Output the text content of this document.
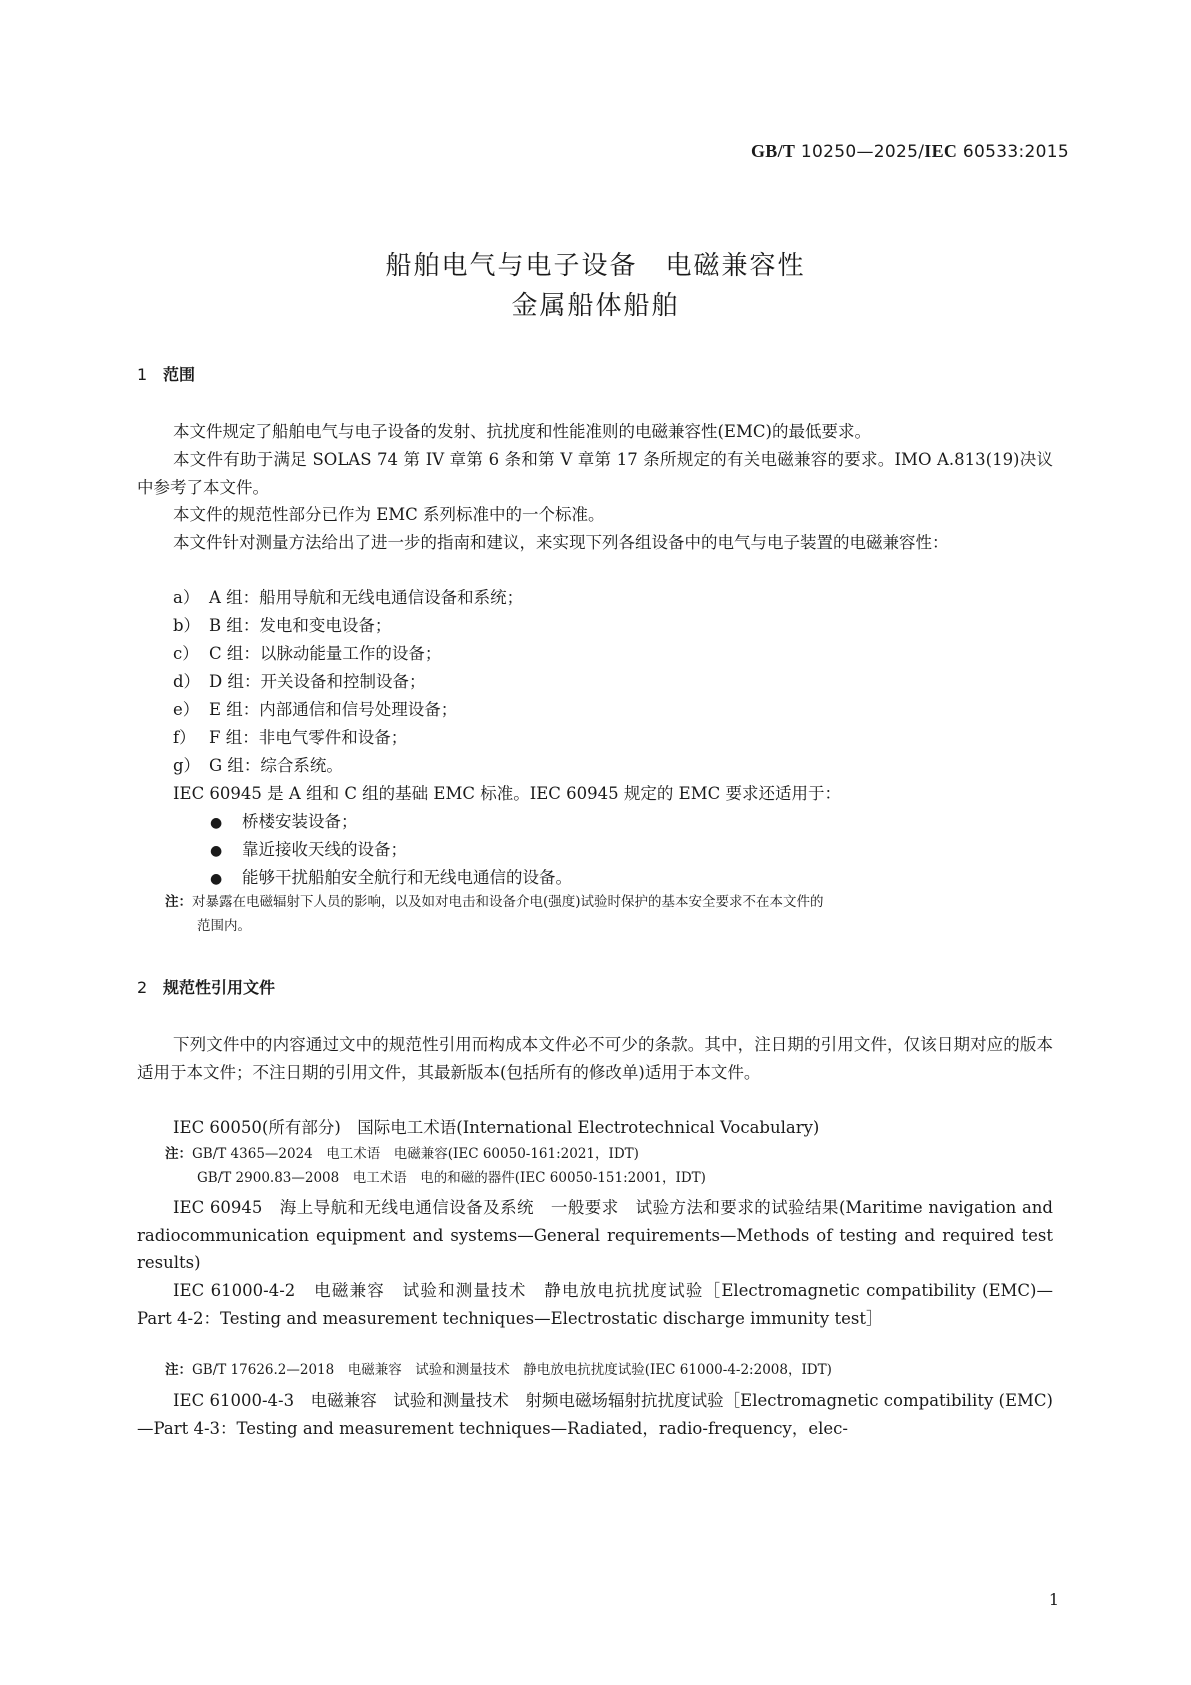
GB/T 10250—2025/IEC 60533:2015
船舶电气与电子设备　电磁兼容性
金属船体船舶
1 范围
本文件规定了船舶电气与电子设备的发射、抗扰度和性能准则的电磁兼容性(EMC)的最低要求。
本文件有助于满足 SOLAS 74 第 IV 章第 6 条和第 V 章第 17 条所规定的有关电磁兼容的要求。IMO A.813(19)决议中参考了本文件。
本文件的规范性部分已作为 EMC 系列标准中的一个标准。
本文件针对测量方法给出了进一步的指南和建议，来实现下列各组设备中的电气与电子装置的电磁兼容性：
a） A 组：船用导航和无线电通信设备和系统；
b） B 组：发电和变电设备；
c） C 组：以脉动能量工作的设备；
d） D 组：开关设备和控制设备；
e） E 组：内部通信和信号处理设备；
f） F 组：非电气零件和设备；
g） G 组：综合系统。
IEC 60945 是 A 组和 C 组的基础 EMC 标准。IEC 60945 规定的 EMC 要求还适用于：
● 桥楼安装设备；
● 靠近接收天线的设备；
● 能够干扰船舶安全航行和无线电通信的设备。
注：对暴露在电磁辐射下人员的影响，以及如对电击和设备介电(强度)试验时保护的基本安全要求不在本文件的
范围内。
2 规范性引用文件
下列文件中的内容通过文中的规范性引用而构成本文件必不可少的条款。其中，注日期的引用文件，仅该日期对应的版本适用于本文件；不注日期的引用文件，其最新版本(包括所有的修改单)适用于本文件。
IEC 60050(所有部分)　国际电工术语(International Electrotechnical Vocabulary)
注：GB/T 4365—2024　电工术语　电磁兼容(IEC 60050-161:2021，IDT)
GB/T 2900.83—2008　电工术语　电的和磁的器件(IEC 60050-151:2001，IDT)
IEC 60945　海上导航和无线电通信设备及系统　一般要求　试验方法和要求的试验结果(Maritime navigation and radiocommunication equipment and systems—General requirements—Methods of testing and required test results)
IEC 61000-4-2　电磁兼容　试验和测量技术　静电放电抗扰度试验［Electromagnetic compatibility (EMC)—Part 4-2：Testing and measurement techniques—Electrostatic discharge immunity test］
注：GB/T 17626.2—2018　电磁兼容　试验和测量技术　静电放电抗扰度试验(IEC 61000-4-2:2008，IDT)
IEC 61000-4-3　电磁兼容　试验和测量技术　射频电磁场辐射抗扰度试验［Electromagnetic compatibility (EMC)—Part 4-3：Testing and measurement techniques—Radiated，radio-frequency，elec-
1
